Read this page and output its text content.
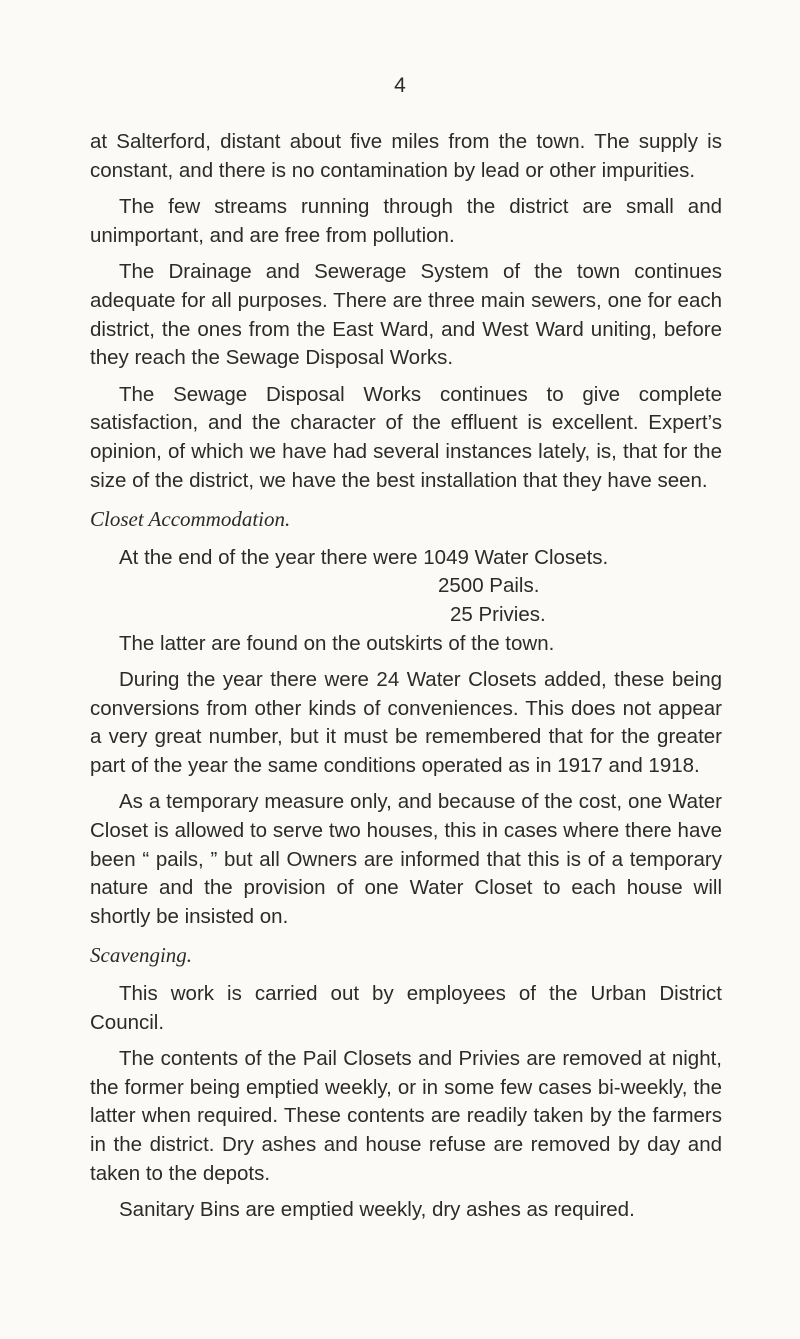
4

at Salterford, distant about five miles from the town. The supply is constant, and there is no contamination by lead or other impurities.

The few streams running through the district are small and unimportant, and are free from pollution.

The Drainage and Sewerage System of the town continues adequate for all purposes. There are three main sewers, one for each district, the ones from the East Ward, and West Ward uniting, before they reach the Sewage Disposal Works.

The Sewage Disposal Works continues to give complete satisfaction, and the character of the effluent is excellent. Expert’s opinion, of which we have had several instances lately, is, that for the size of the district, we have the best installation that they have seen.

Closet Accommodation.
At the end of the year there were 1049 Water Closets.
2500 Pails.
25 Privies.

The latter are found on the outskirts of the town.

During the year there were 24 Water Closets added, these being conversions from other kinds of conveniences. This does not appear a very great number, but it must be remembered that for the greater part of the year the same conditions operated as in 1917 and 1918.

As a temporary measure only, and because of the cost, one Water Closet is allowed to serve two houses, this in cases where there have been “ pails, ” but all Owners are informed that this is of a temporary nature and the provision of one Water Closet to each house will shortly be insisted on.

Scavenging.

This work is carried out by employees of the Urban District Council.

The contents of the Pail Closets and Privies are removed at night, the former being emptied weekly, or in some few cases bi-weekly, the latter when required. These contents are readily taken by the farmers in the district. Dry ashes and house refuse are removed by day and taken to the depots.

Sanitary Bins are emptied weekly, dry ashes as required.
